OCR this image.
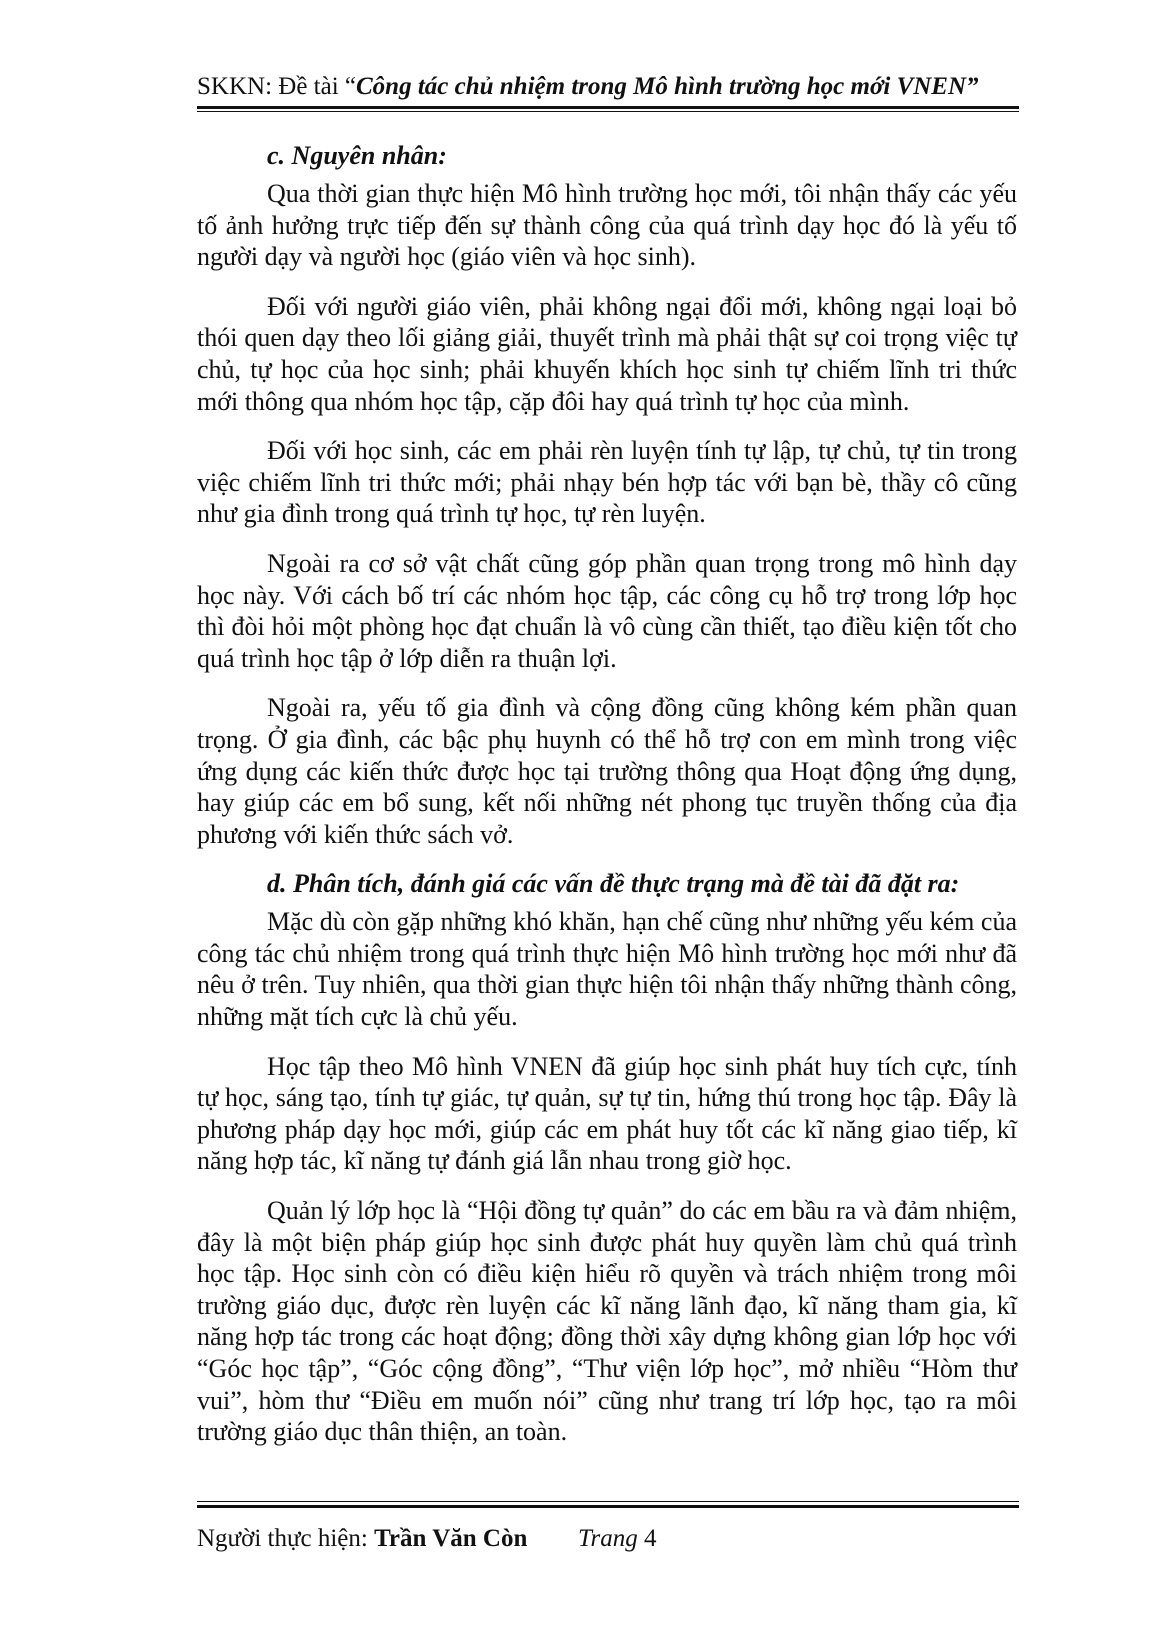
SKKN: Đề tài “Công tác chủ nhiệm trong Mô hình trường học mới VNEN”
c. Nguyên nhân:

Qua thời gian thực hiện Mô hình trường học mới, tôi nhận thấy các yếu tố ảnh hưởng trực tiếp đến sự thành công của quá trình dạy học đó là yếu tố người dạy và người học (giáo viên và học sinh).

Đối với người giáo viên, phải không ngại đổi mới, không ngại loại bỏ thói quen dạy theo lối giảng giải, thuyết trình mà phải thật sự coi trọng việc tự chủ, tự học của học sinh; phải khuyến khích học sinh tự chiếm lĩnh tri thức mới thông qua nhóm học tập, cặp đôi hay quá trình tự học của mình.

Đối với học sinh, các em phải rèn luyện tính tự lập, tự chủ, tự tin trong việc chiếm lĩnh tri thức mới; phải nhạy bén hợp tác với bạn bè, thầy cô cũng như gia đình trong quá trình tự học, tự rèn luyện.

Ngoài ra cơ sở vật chất cũng góp phần quan trọng trong mô hình dạy học này. Với cách bố trí các nhóm học tập, các công cụ hỗ trợ trong lớp học thì đòi hỏi một phòng học đạt chuẩn là vô cùng cần thiết, tạo điều kiện tốt cho quá trình học tập ở lớp diễn ra thuận lợi.

Ngoài ra, yếu tố gia đình và cộng đồng cũng không kém phần quan trọng. Ở gia đình, các bậc phụ huynh có thể hỗ trợ con em mình trong việc ứng dụng các kiến thức được học tại trường thông qua Hoạt động ứng dụng, hay giúp các em bổ sung, kết nối những nét phong tục truyền thống của địa phương với kiến thức sách vở.

d. Phân tích, đánh giá các vấn đề thực trạng mà đề tài đã đặt ra:

Mặc dù còn gặp những khó khăn, hạn chế cũng như những yếu kém của công tác chủ nhiệm trong quá trình thực hiện Mô hình trường học mới như đã nêu ở trên. Tuy nhiên, qua thời gian thực hiện tôi nhận thấy những thành công, những mặt tích cực là chủ yếu.

Học tập theo Mô hình VNEN đã giúp học sinh phát huy tích cực, tính tự học, sáng tạo, tính tự giác, tự quản, sự tự tin, hứng thú trong học tập. Đây là phương pháp dạy học mới, giúp các em phát huy tốt các kĩ năng giao tiếp, kĩ năng hợp tác, kĩ năng tự đánh giá lẫn nhau trong giờ học.

Quản lý lớp học là “Hội đồng tự quản” do các em bầu ra và đảm nhiệm, đây là một biện pháp giúp học sinh được phát huy quyền làm chủ quá trình học tập. Học sinh còn có điều kiện hiểu rõ quyền và trách nhiệm trong môi trường giáo dục, được rèn luyện các kĩ năng lãnh đạo, kĩ năng tham gia, kĩ năng hợp tác trong các hoạt động; đồng thời xây dựng không gian lớp học với “Góc học tập”, “Góc cộng đồng”, “Thư viện lớp học”, mở nhiều “Hòm thư vui”, hòm thư “Điều em muốn nói” cũng như trang trí lớp học, tạo ra môi trường giáo dục thân thiện, an toàn.

Người thực hiện: Trần Văn Còn Trang 4
